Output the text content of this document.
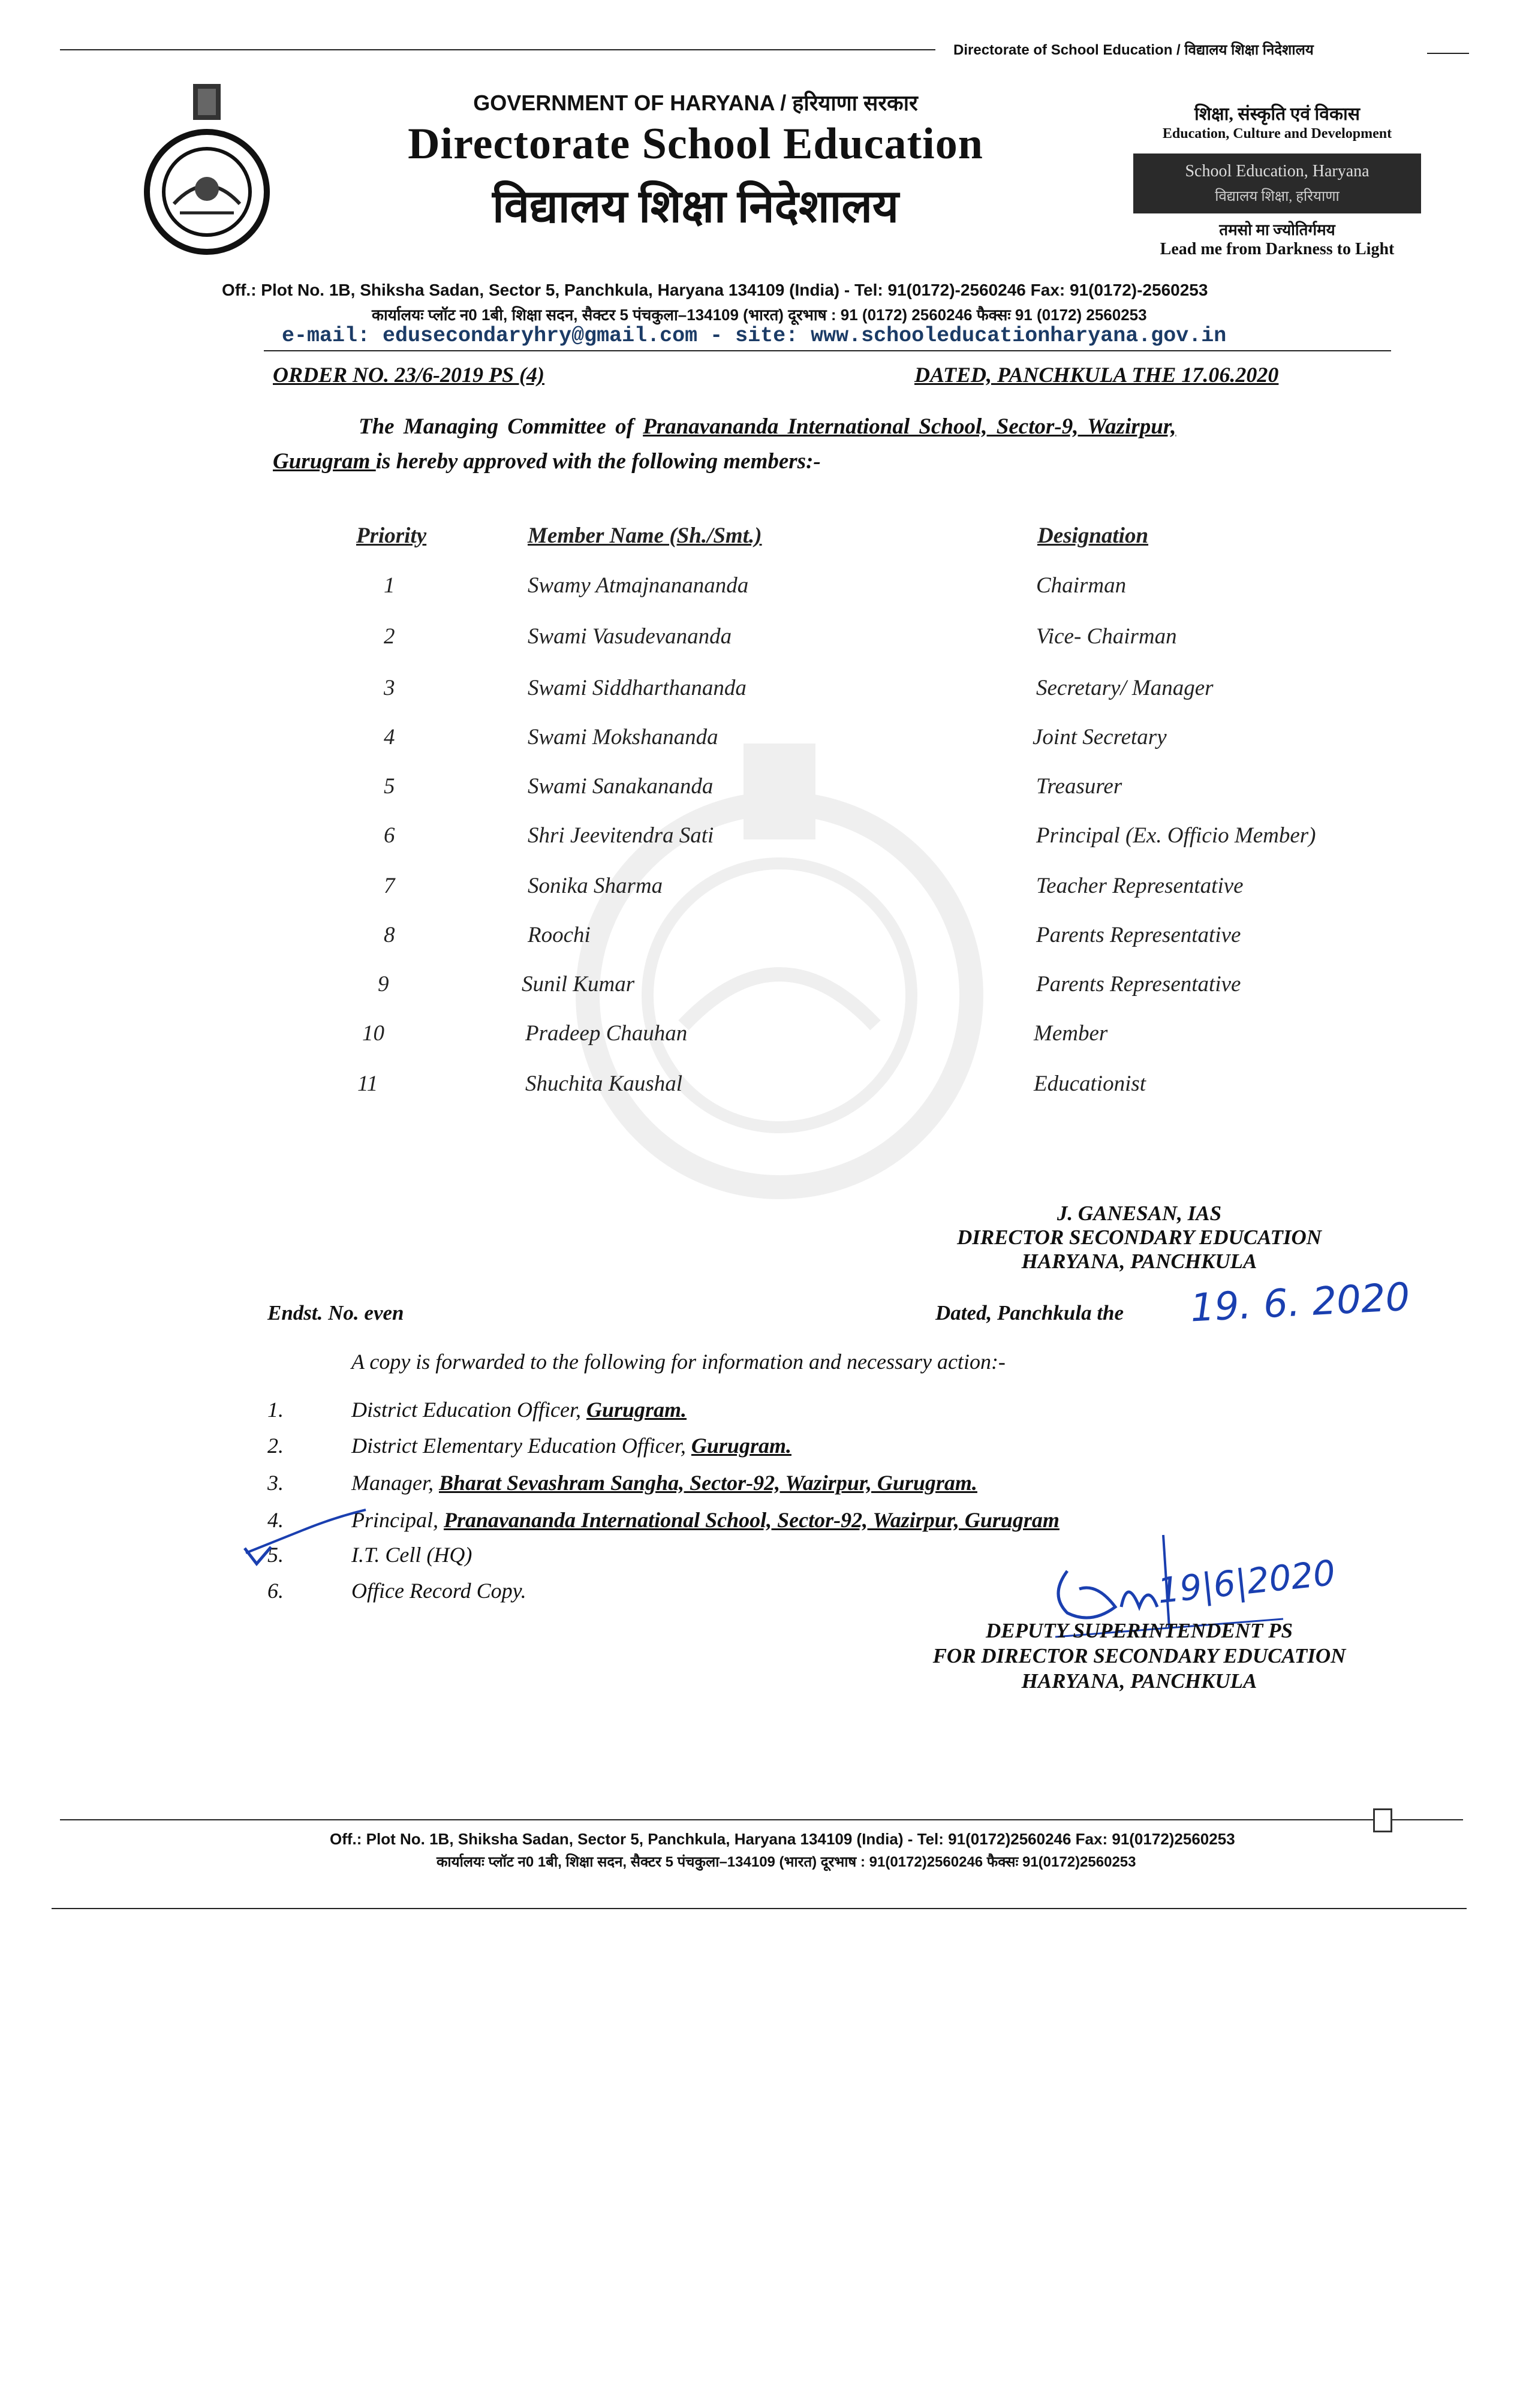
Directorate of School Education / विद्यालय शिक्षा निदेशालय
GOVERNMENT OF HARYANA / हरियाणा सरकार
Directorate School Education
विद्यालय शिक्षा निदेशालय
शिक्षा, संस्कृति एवं विकास
Education, Culture and Development
School Education, Haryana
विद्यालय शिक्षा, हरियाणा
तमसो मा ज्योतिर्गमय
Lead me from Darkness to Light
Off.: Plot No. 1B, Shiksha Sadan, Sector 5, Panchkula, Haryana 134109 (India) - Tel: 91(0172)-2560246 Fax: 91(0172)-2560253
कार्यालयः प्लॉट न0 1बी, शिक्षा सदन, सैक्टर 5 पंचकुला–134109 (भारत) दूरभाष : 91 (0172) 2560246 फैक्सः 91 (0172) 2560253
e-mail: edusecondaryhry@gmail.com - site: www.schooleducationharyana.gov.in
ORDER NO. 23/6-2019 PS (4)	DATED, PANCHKULA THE 17.06.2020
The Managing Committee of Pranavananda International School, Sector-9, Wazirpur,
Gurugram is hereby approved with the following members:-
Priority	Member Name (Sh./Smt.)	Designation
1	Swamy Atmajnanananda	Chairman
2	Swami Vasudevananda	Vice- Chairman
3	Swami Siddharthananda	Secretary/ Manager
4	Swami Mokshananda	Joint Secretary
5	Swami Sanakananda	Treasurer
6	Shri Jeevitendra Sati	Principal (Ex. Officio Member)
7	Sonika Sharma	Teacher Representative
8	Roochi	Parents Representative
9	Sunil Kumar	Parents Representative
10	Pradeep Chauhan	Member
11	Shuchita Kaushal	Educationist
J. GANESAN, IAS
DIRECTOR SECONDARY EDUCATION
HARYANA, PANCHKULA
Endst. No. even	Dated, Panchkula the 19. 6. 2020
A copy is forwarded to the following for information and necessary action:-
1.	District Education Officer, Gurugram.
2.	District Elementary Education Officer, Gurugram.
3.	Manager, Bharat Sevashram Sangha, Sector-92, Wazirpur, Gurugram.
4.	Principal, Pranavananda International School, Sector-92, Wazirpur, Gurugram
5.	I.T. Cell (HQ)
6.	Office Record Copy.	19|6|2020
DEPUTY SUPERINTENDENT PS
FOR DIRECTOR SECONDARY EDUCATION
HARYANA, PANCHKULA
Off.: Plot No. 1B, Shiksha Sadan, Sector 5, Panchkula, Haryana 134109 (India) - Tel: 91(0172)2560246 Fax: 91(0172)2560253
कार्यालयः प्लॉट न0 1बी, शिक्षा सदन, सैक्टर 5 पंचकुला–134109 (भारत) दूरभाष : 91(0172)2560246 फैक्सः 91(0172)2560253
